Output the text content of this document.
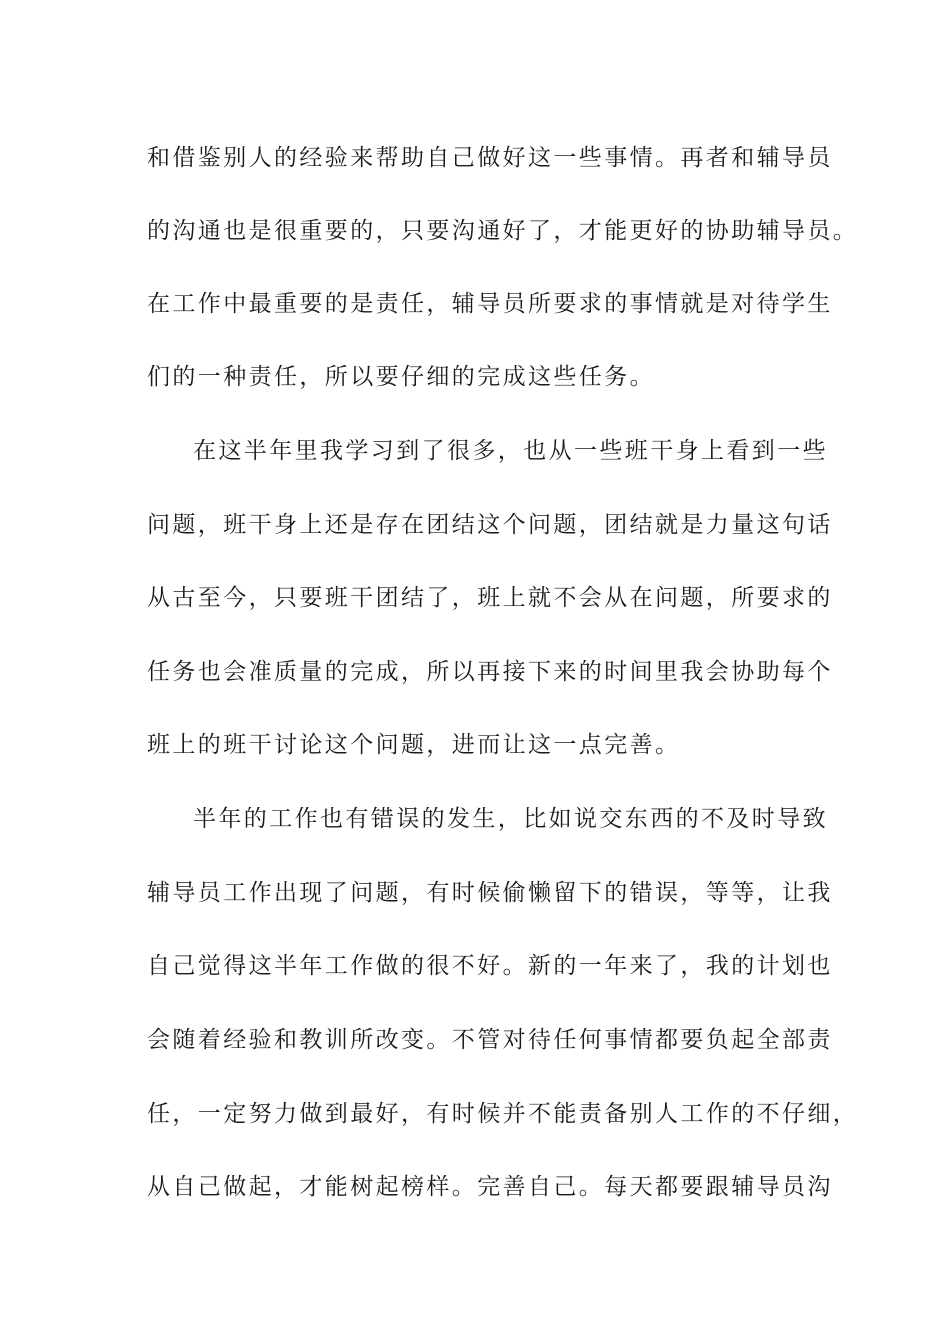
和借鉴别人的经验来帮助自己做好这一些事情。再者和辅导员
的沟通也是很重要的，只要沟通好了，才能更好的协助辅导员。
在工作中最重要的是责任，辅导员所要求的事情就是对待学生
们的一种责任，所以要仔细的完成这些任务。
在这半年里我学习到了很多，也从一些班干身上看到一些
问题，班干身上还是存在团结这个问题，团结就是力量这句话
从古至今，只要班干团结了，班上就不会从在问题，所要求的
任务也会准质量的完成，所以再接下来的时间里我会协助每个
班上的班干讨论这个问题，进而让这一点完善。
半年的工作也有错误的发生，比如说交东西的不及时导致
辅导员工作出现了问题，有时候偷懒留下的错误，等等，让我
自己觉得这半年工作做的很不好。新的一年来了，我的计划也
会随着经验和教训所改变。不管对待任何事情都要负起全部责
任，一定努力做到最好，有时候并不能责备别人工作的不仔细，
从自己做起，才能树起榜样。完善自己。每天都要跟辅导员沟
